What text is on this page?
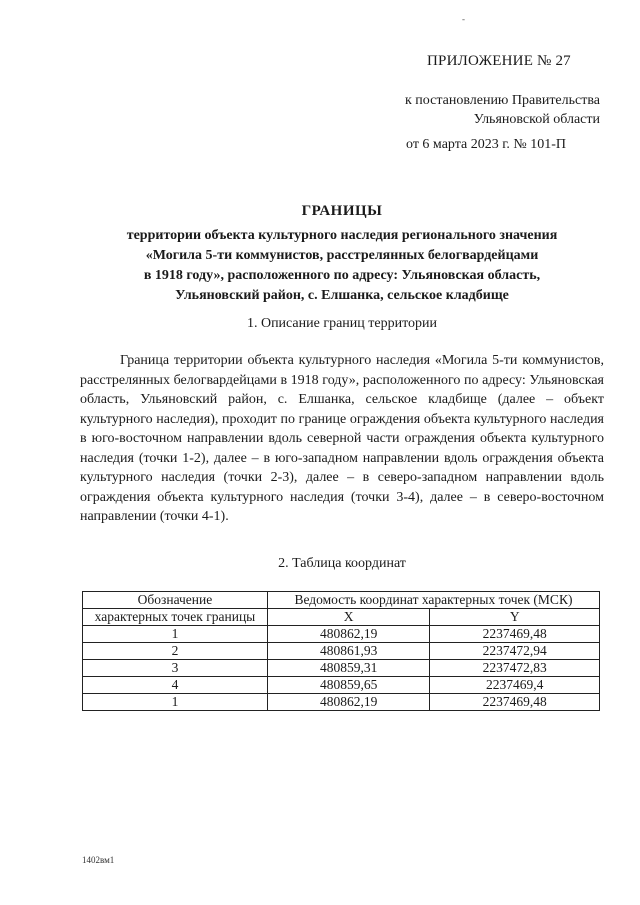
-
ПРИЛОЖЕНИЕ № 27
к постановлению Правительства
Ульяновской области
от 6 марта 2023 г. № 101-П
ГРАНИЦЫ
территории объекта культурного наследия регионального значения
«Могила 5-ти коммунистов, расстрелянных белогвардейцами
в 1918 году», расположенного по адресу: Ульяновская область,
Ульяновский район, с. Елшанка, сельское кладбище
1. Описание границ территории

Граница территории объекта культурного наследия «Могила 5-ти коммунистов, расстрелянных белогвардейцами в 1918 году», расположенного по адресу: Ульяновская область, Ульяновский район, с. Елшанка, сельское кладбище (далее – объект культурного наследия), проходит по границе ограждения объекта культурного наследия в юго-восточном направлении вдоль северной части ограждения объекта культурного наследия (точки 1-2), далее – в юго-западном направлении вдоль ограждения объекта культурного наследия (точки 2-3), далее – в северо-западном направлении вдоль ограждения объекта культурного наследия (точки 3-4), далее – в северо-восточном направлении (точки 4-1).

2. Таблица координат
Обозначение	Ведомость координат характерных точек (МСК)	
характерных точек границы	X	Y
1	480862,19	2237469,48
2	480861,93	2237472,94
3	480859,31	2237472,83
4	480859,65	2237469,4
1	480862,19	2237469,48
1402вм1
